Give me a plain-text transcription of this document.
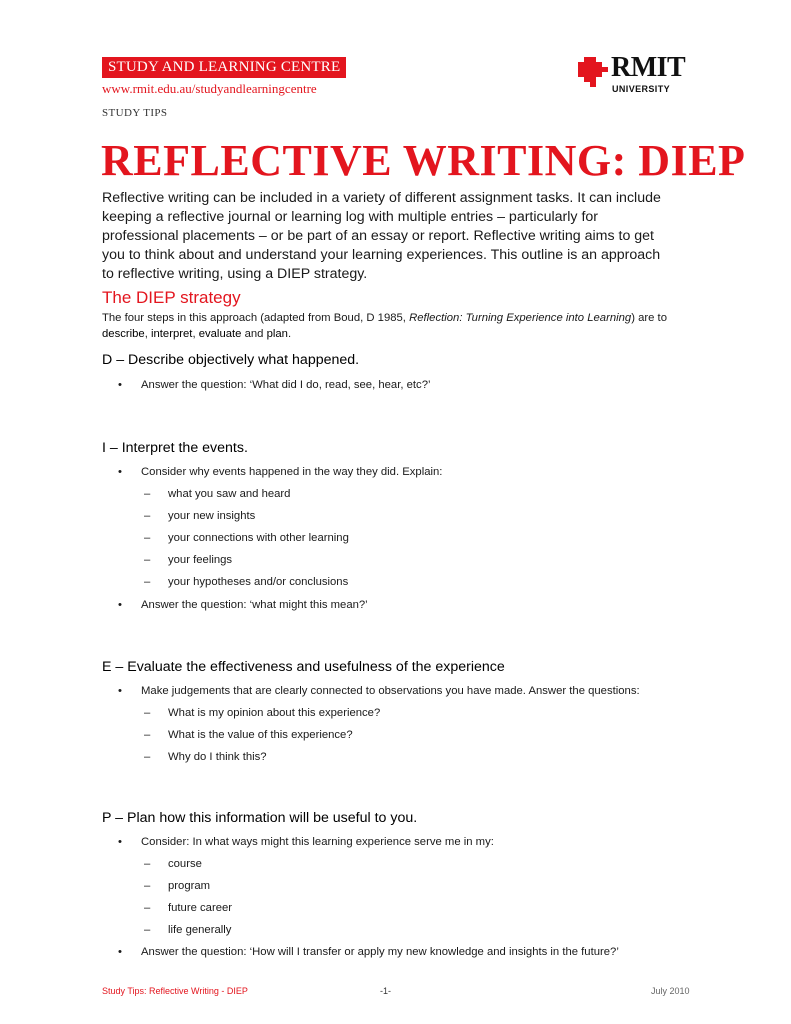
STUDY AND LEARNING CENTRE
www.rmit.edu.au/studyandlearningcentre
STUDY TIPS
RMIT
UNIVERSITY
REFLECTIVE WRITING: DIEP

Reflective writing can be included in a variety of different assignment tasks. It can include keeping a reflective journal or learning log with multiple entries – particularly for professional placements – or be part of an essay or report. Reflective writing aims to get you to think about and understand your learning experiences. This outline is an approach to reflective writing, using a DIEP strategy.

The DIEP strategy

The four steps in this approach (adapted from Boud, D 1985, Reflection: Turning Experience into Learning) are to describe, interpret, evaluate and plan.

D – Describe objectively what happened.
•	Answer the question: ‘What did I do, read, see, hear, etc?’
I – Interpret the events.
•	Consider why events happened in the way they did. Explain:
– what you saw and heard
– your new insights
– your connections with other learning
– your feelings
– your hypotheses and/or conclusions
•	Answer the question: ‘what might this mean?’
E – Evaluate the effectiveness and usefulness of the experience
•	Make judgements that are clearly connected to observations you have made. Answer the questions:
– What is my opinion about this experience?
– What is the value of this experience?
– Why do I think this?
P – Plan how this information will be useful to you.
•	Consider: In what ways might this learning experience serve me in my:
– course
– program
– future career
– life generally
•	Answer the question: ‘How will I transfer or apply my new knowledge and insights in the future?’
Study Tips: Reflective Writing - DIEP	-1-	July 2010
